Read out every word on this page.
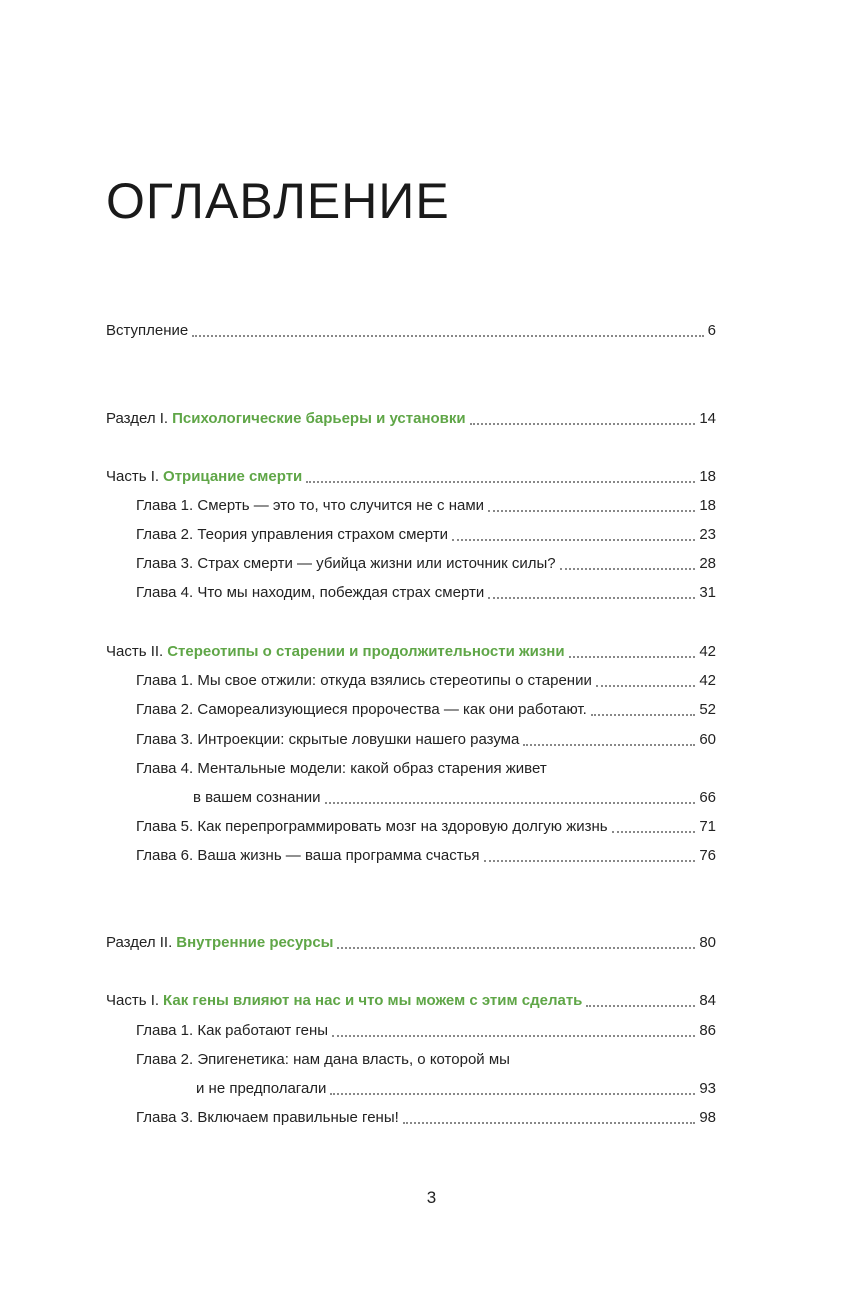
ОГЛАВЛЕНИЕ
Вступление	6
Раздел I. Психологические барьеры и установки	14
Часть I. Отрицание смерти	18
Глава 1. Смерть — это то, что случится не с нами	18
Глава 2. Теория управления страхом смерти	23
Глава 3. Страх смерти — убийца жизни или источник силы?	28
Глава 4. Что мы находим, побеждая страх смерти	31
Часть II. Стереотипы о старении и продолжительности жизни	42
Глава 1. Мы свое отжили: откуда взялись стереотипы о старении	42
Глава 2. Самореализующиеся пророчества — как они работают.	52
Глава 3. Интроекции: скрытые ловушки нашего разума	60
Глава 4. Ментальные модели: какой образ старения живет
в вашем сознании	66
Глава 5. Как перепрограммировать мозг на здоровую долгую жизнь	71
Глава 6. Ваша жизнь — ваша программа счастья	76
Раздел II. Внутренние ресурсы	80
Часть I. Как гены влияют на нас и что мы можем с этим сделать	84
Глава 1. Как работают гены	86
Глава 2. Эпигенетика: нам дана власть, о которой мы
и не предполагали	93
Глава 3. Включаем правильные гены!	98
3
